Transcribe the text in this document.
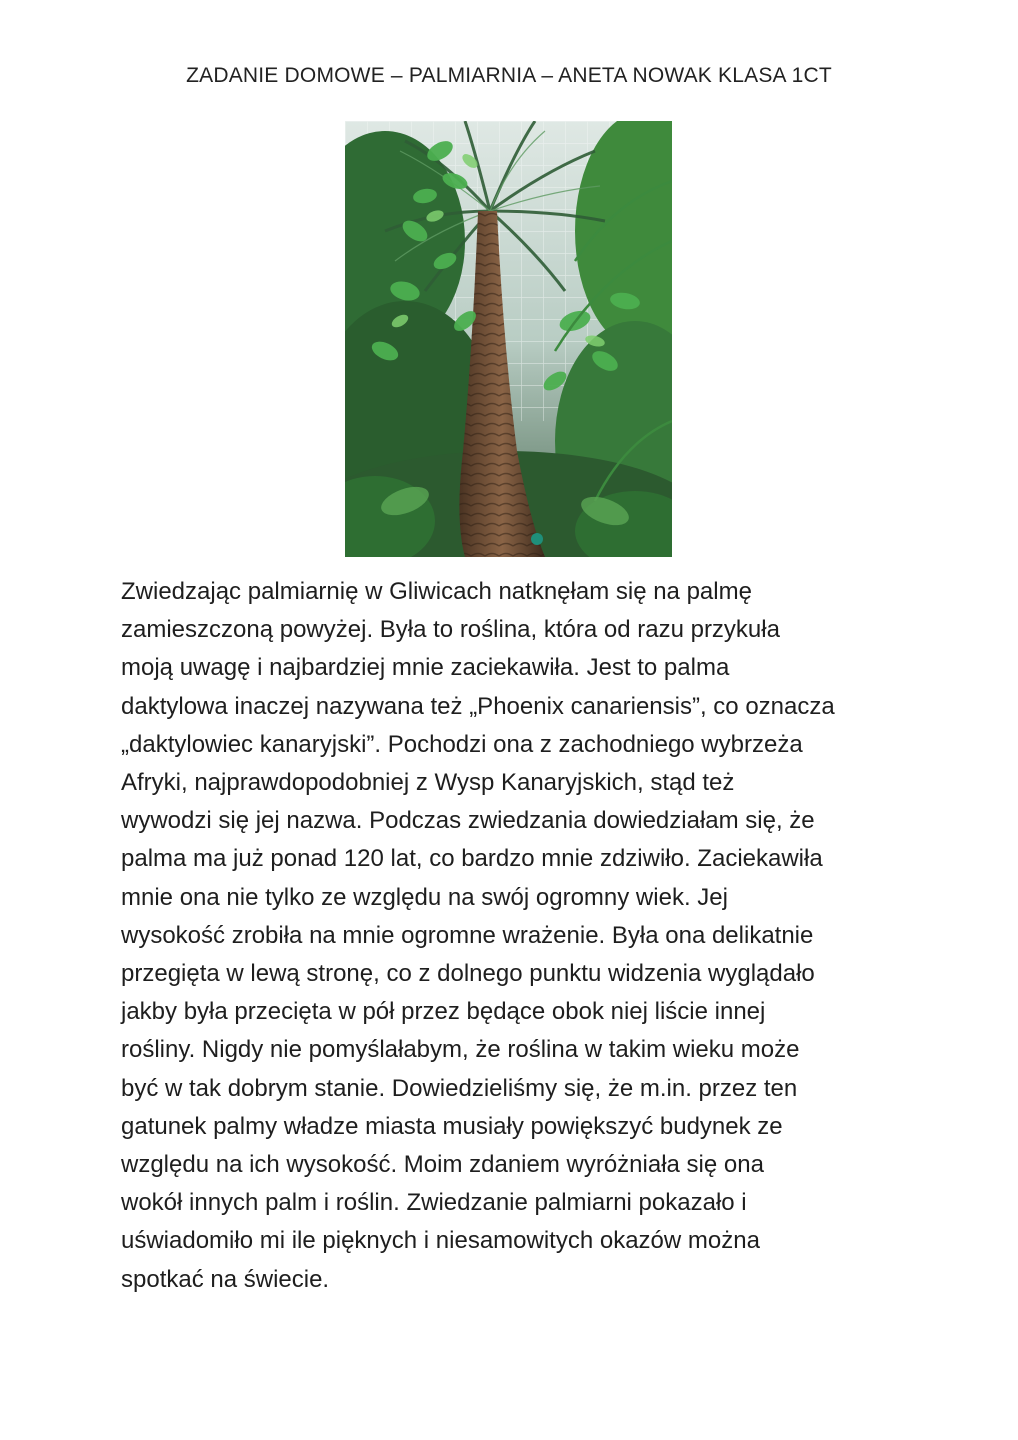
ZADANIE DOMOWE – PALMIARNIA – ANETA NOWAK KLASA 1CT

Zwiedzając palmiarnię w Gliwicach natknęłam się na palmę
zamieszczoną powyżej. Była to roślina, która od razu przykuła
moją uwagę i najbardziej mnie zaciekawiła. Jest to palma
daktylowa inaczej nazywana też „Phoenix canariensis”, co oznacza
„daktylowiec kanaryjski”. Pochodzi ona z zachodniego wybrzeża
Afryki, najprawdopodobniej z Wysp Kanaryjskich, stąd też
wywodzi się jej nazwa. Podczas zwiedzania dowiedziałam się, że
palma ma już ponad 120 lat, co bardzo mnie zdziwiło. Zaciekawiła
mnie ona nie tylko ze względu na swój ogromny wiek. Jej
wysokość zrobiła na mnie ogromne wrażenie. Była ona delikatnie
przegięta w lewą stronę, co z dolnego punktu widzenia wyglądało
jakby była przecięta w pół przez będące obok niej liście innej
rośliny. Nigdy nie pomyślałabym, że roślina w takim wieku może
być w tak dobrym stanie. Dowiedzieliśmy się, że m.in. przez ten
gatunek palmy władze miasta musiały powiększyć budynek ze
względu na ich wysokość. Moim zdaniem wyróżniała się ona
wokół innych palm i roślin. Zwiedzanie palmiarni pokazało i
uświadomiło mi ile pięknych i niesamowitych okazów można
spotkać na świecie.
